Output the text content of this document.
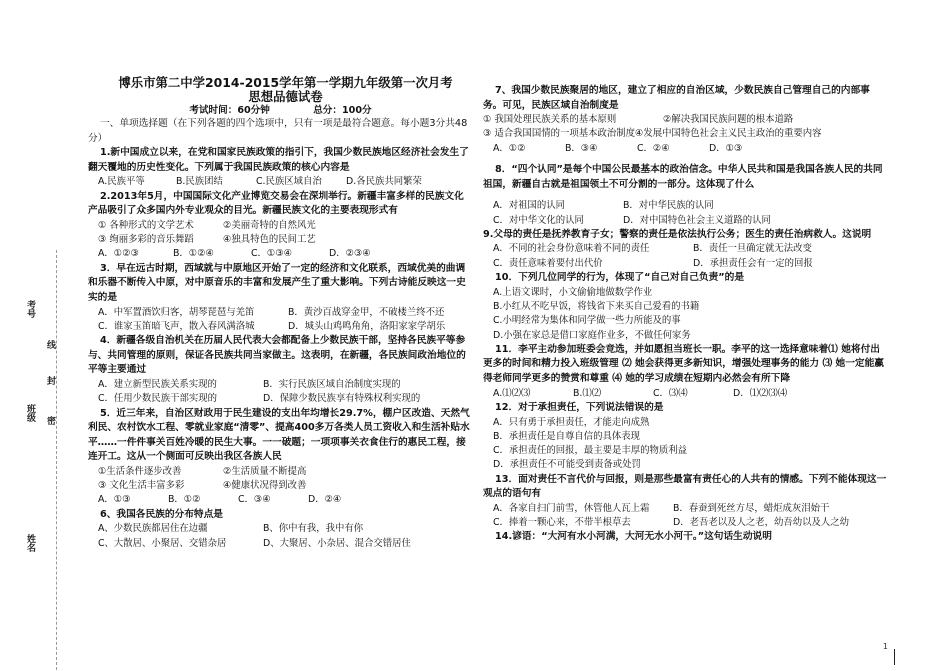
考号
线
封
班级 密
姓名
博乐市第二中学2014-2015学年第一学期九年级第一次月考
思想品德试卷
考试时间：60分钟	总分：100分

一、单项选择题（在下列各题的四个选项中，只有一项是最符合题意。每小题3分共48分）

1.新中国成立以来，在党和国家民族政策的指引下，我国少数民族地区经济社会发生了翻天覆地的历史性变化。下列属于我国民族政策的核心内容是

A.民族平等	B.民族团结	C.民族区域自治	D.各民族共同繁荣

2.2013年5月，中国国际文化产业博览交易会在深圳举行。新疆丰富多样的民族文化产品吸引了众多国内外专业观众的目光。新疆民族文化的主要表现形式有

① 各种形式的文学艺术	②美丽奇特的自然风光
③ 绚丽多彩的音乐舞蹈	④独具特色的民间工艺
A．①②③	B．①②④	C．①③④	D．②③④

3．早在远古时期，西域就与中原地区开始了一定的经济和文化联系，西域优美的曲调和乐器不断传入中原，对中原音乐的丰富和发展产生了重大影响。下列古诗能反映这一史实的是

A．中军置酒饮归客，胡琴琵琶与羌笛	B．黄沙百战穿金甲，不破楼兰终不还
C．谁家玉笛暗飞声，散入春风满洛城	D．城头山鸡鸣角角，洛阳家家学胡乐

4．新疆各级自治机关在历届人民代表大会都配备上少数民族干部，坚持各民族平等参与、共同管理的原则，保证各民族共同当家做主。这表明，在新疆，各民族间政治地位的平等主要通过

A．建立新型民族关系实现的	B．实行民族区域自治制度实现的
C．任用少数民族干部实现的	D．保障少数民族享有特殊权利实现的

5．近三年来，自治区财政用于民生建设的支出年均增长29.7%，棚户区改造、天然气利民、农村饮水工程、零就业家庭“清零”、提高400多万各类人员工资收入和生活补贴水平……一件件事关百姓冷暖的民生大事。一一破题；一项项事关衣食住行的惠民工程，接连开工。这从一个侧面可反映出我区各族人民

①生活条件逐步改善	②生活质量不断提高
③ 文化生活丰富多彩	④健康状况得到改善
A．①③	B．①②	C．③④	D．②④

6、我国各民族的分布特点是

A、少数民族都居住在边疆	B、你中有我，我中有你
C、大散居、小聚居、交错杂居	D、大聚居、小杂居、混合交错居住

7、我国少数民族聚居的地区，建立了相应的自治区域，少数民族自己管理自己的内部事务。可见，民族区域自治制度是

① 我国处理民族关系的基本原则	②解决我国民族问题的根本道路

③ 适合我国国情的一项基本政治制度④发展中国特色社会主义民主政治的重要内容

A．①②	B．③④	C．②④	D．①③

8．“四个认同”是每个中国公民最基本的政治信念。中华人民共和国是我国各族人民的共同祖国，新疆自古就是祖国领土不可分割的一部分。这体现了什么

A．对祖国的认同	B．对中华民族的认同
C．对中华文化的认同	D．对中国特色社会主义道路的认同

9.父母的责任是抚养教育子女；警察的责任是依法执行公务；医生的责任治病救人。这说明

A．不同的社会身份意味着不同的责任	B．责任一旦确定就无法改变
C．责任意味着要付出代价	D．承担责任会有一定的回报

10．下列几位同学的行为，体现了“自己对自己负责”的是

A.上语文课时，小文偷偷地做数学作业

B.小红从不吃早饭，将钱省下来买自己爱看的书籍

C.小明经常为集体和同学做一些力所能及的事

D.小强在家总是借口家庭作业多，不做任何家务

11．李平主动参加班委会竞选，并如愿担当班长一职。李平的这一选择意味着⑴ 她将付出更多的时间和精力投入班级管理 ⑵ 她会获得更多新知识，增强处理事务的能力 ⑶ 她一定能赢得老师同学更多的赞赏和尊重 ⑷ 她的学习成绩在短期内必然会有所下降

A.⑴⑵⑶	B.⑴⑵	C．⑶⑷	D．⑴⑵⑶⑷

12．对于承担责任，下列说法错误的是

A．只有勇于承担责任，才能走向成熟

B．承担责任是自尊自信的具体表现

C．承担责任的回报，最主要是丰厚的物质利益

D．承担责任不可能受到责备或处罚

13．面对责任不言代价与回报，则是那些最富有责任心的人共有的情感。下列不能体现这一观点的语句有

A．各家自扫门前雪，休管他人瓦上霜	B．春蚕到死丝方尽，蜡炬成灰泪始干
C．捧着一颗心来，不带半根草去	D．老吾老以及人之老，幼吾幼以及人之幼

14.谚语：“大河有水小河满，大河无水小河干。”这句话生动说明

1
